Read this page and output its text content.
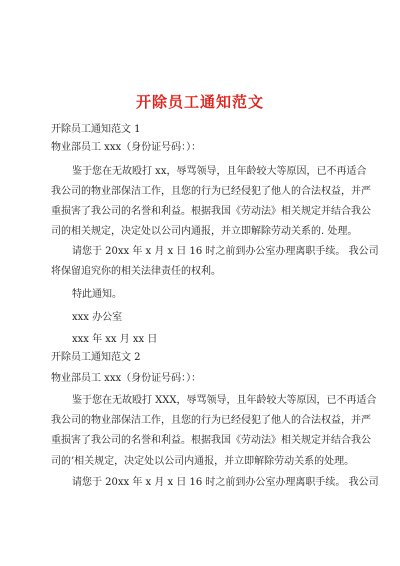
开除员工通知范文
开除员工通知范文 1
物业部员工 xxx（身份证号码：）：
鉴于您在无故殴打 xx，辱骂领导，且年龄较大等原因，已不再适合
我公司的物业部保洁工作，且您的行为已经侵犯了他人的合法权益，并严
重损害了我公司的名誉和利益。根据我国《劳动法》相关规定并结合我公
司的相关规定，决定处以公司内通报，并立即解除劳动关系的. 处理。
请您于 20xx 年 x 月 x 日 16 时之前到办公室办理离职手续。 我公司
将保留追究你的相关法律责任的权利。
特此通知。
xxx 办公室
xxx 年 xx 月 xx 日
开除员工通知范文 2
物业部员工 xxx（身份证号码：）：
鉴于您在无故殴打 XXX，辱骂领导，且年龄较大等原因，已不再适合
我公司的物业部保洁工作，且您的行为已经侵犯了他人的合法权益，并严
重损害了我公司的名誉和利益。根据我国《劳动法》相关规定并结合我公
司的’相关规定，决定处以公司内通报，并立即解除劳动关系的处理。
请您于 20xx 年 x 月 x 日 16 时之前到办公室办理离职手续。 我公司
